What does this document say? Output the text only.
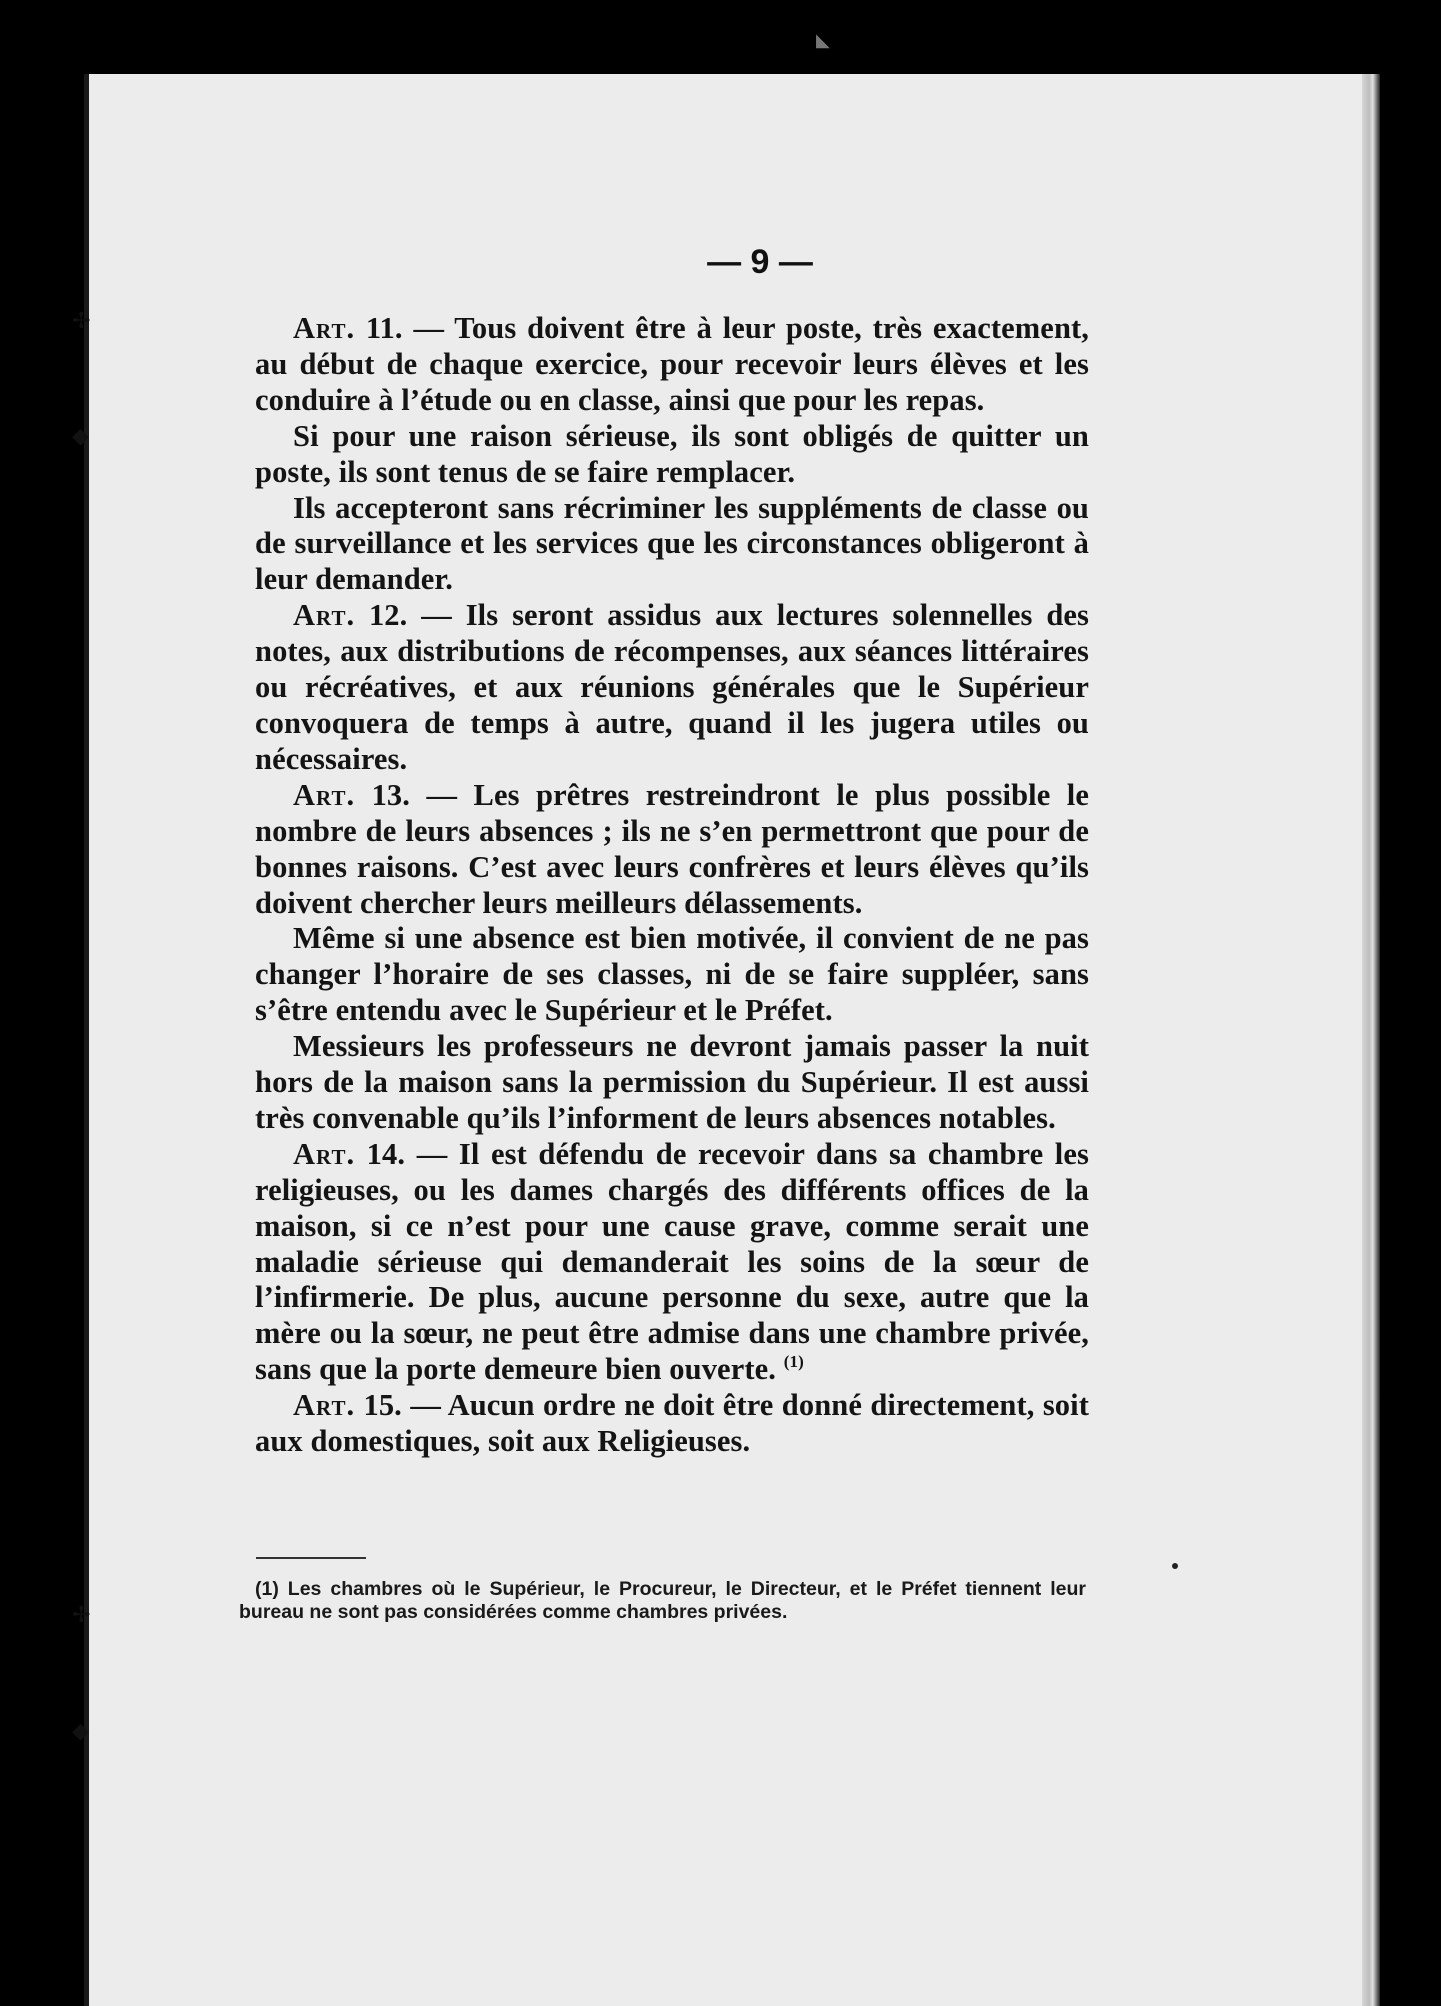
✢
◆
✢
◆
◣
— 9 —

Art. 11. — Tous doivent être à leur poste, très exactement, au début de chaque exercice, pour recevoir leurs élèves et les conduire à l’étude ou en classe, ainsi que pour les repas.

Si pour une raison sérieuse, ils sont obligés de quitter un poste, ils sont tenus de se faire remplacer.

Ils accepteront sans récriminer les suppléments de classe ou de surveillance et les services que les circonstances obligeront à leur demander.

Art. 12. — Ils seront assidus aux lectures solennelles des notes, aux distributions de récompenses, aux séances littéraires ou récréatives, et aux réunions générales que le Supérieur convoquera de temps à autre, quand il les jugera utiles ou nécessaires.

Art. 13. — Les prêtres restreindront le plus possible le nombre de leurs absences ; ils ne s’en permettront que pour de bonnes raisons. C’est avec leurs confrères et leurs élèves qu’ils doivent chercher leurs meilleurs délassements.

Même si une absence est bien motivée, il convient de ne pas changer l’horaire de ses classes, ni de se faire suppléer, sans s’être entendu avec le Supérieur et le Préfet.

Messieurs les professeurs ne devront jamais passer la nuit hors de la maison sans la permission du Supérieur. Il est aussi très convenable qu’ils l’informent de leurs absences notables.

Art. 14. — Il est défendu de recevoir dans sa chambre les religieuses, ou les dames chargés des différents offices de la maison, si ce n’est pour une cause grave, comme serait une maladie sérieuse qui demanderait les soins de la sœur de l’infirmerie. De plus, aucune personne du sexe, autre que la mère ou la sœur, ne peut être admise dans une chambre privée, sans que la porte demeure bien ouverte. $^{(1)}$

Art. 15. — Aucun ordre ne doit être donné directement, soit aux domestiques, soit aux Religieuses.

(1) Les chambres où le Supérieur, le Procureur, le Directeur, et le Préfet tiennent leur bureau ne sont pas considérées comme chambres privées.
